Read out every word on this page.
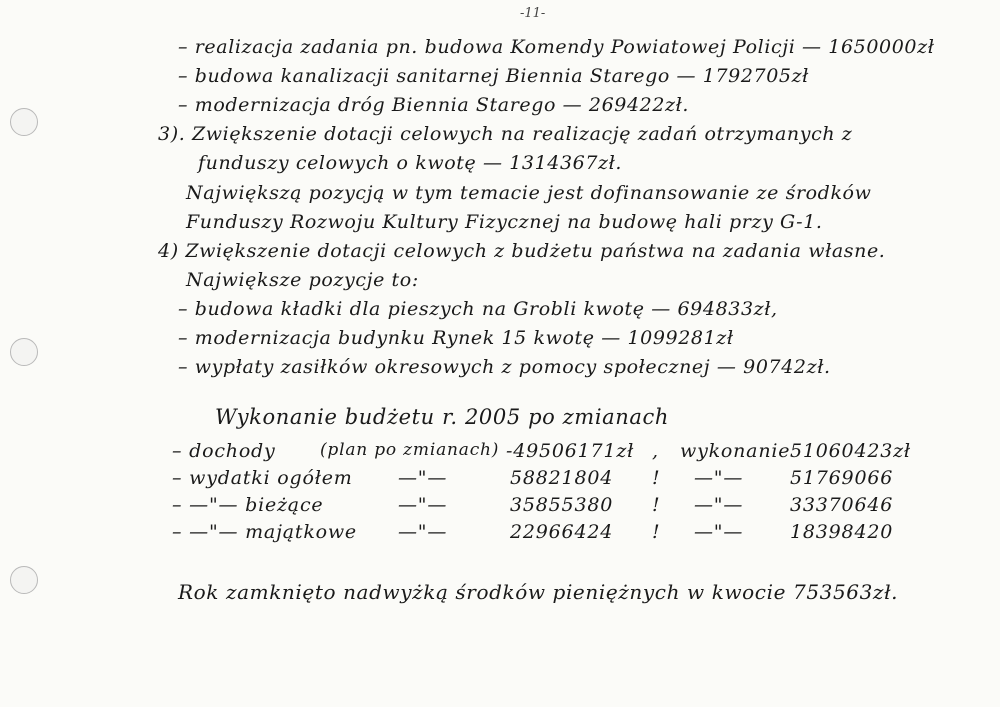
-11-
– realizacja zadania pn. budowa Komendy Powiatowej Policji — 1650000zł
– budowa kanalizacji sanitarnej Biennia Starego — 1792705zł
– modernizacja dróg Biennia Starego — 269422zł.
3). Zwiększenie dotacji celowych na realizację zadań otrzymanych z
funduszy celowych o kwotę — 1314367zł.
Największą pozycją w tym temacie jest dofinansowanie ze środków
Funduszy Rozwoju Kultury Fizycznej na budowę hali przy G-1.
4) Zwiększenie dotacji celowych z budżetu państwa na zadania własne.
Największe pozycje to:
– budowa kładki dla pieszych na Grobli kwotę — 694833zł,
– modernizacja budynku Rynek 15 kwotę — 1099281zł
– wypłaty zasiłków okresowych z pomocy społecznej — 90742zł.
Wykonanie budżetu r. 2005 po zmianach
– dochody	(plan po zmianach) -49506171zł , wykonanie 51060423zł
– wydatki ogółem —"—	58821804 ! —"— 51769066
– —"— bieżące	—"—	35855380 ! —"— 33370646
– —"— majątkowe —"—	22966424 ! —"— 18398420
Rok zamknięto nadwyżką środków pieniężnych w kwocie 753563zł.
